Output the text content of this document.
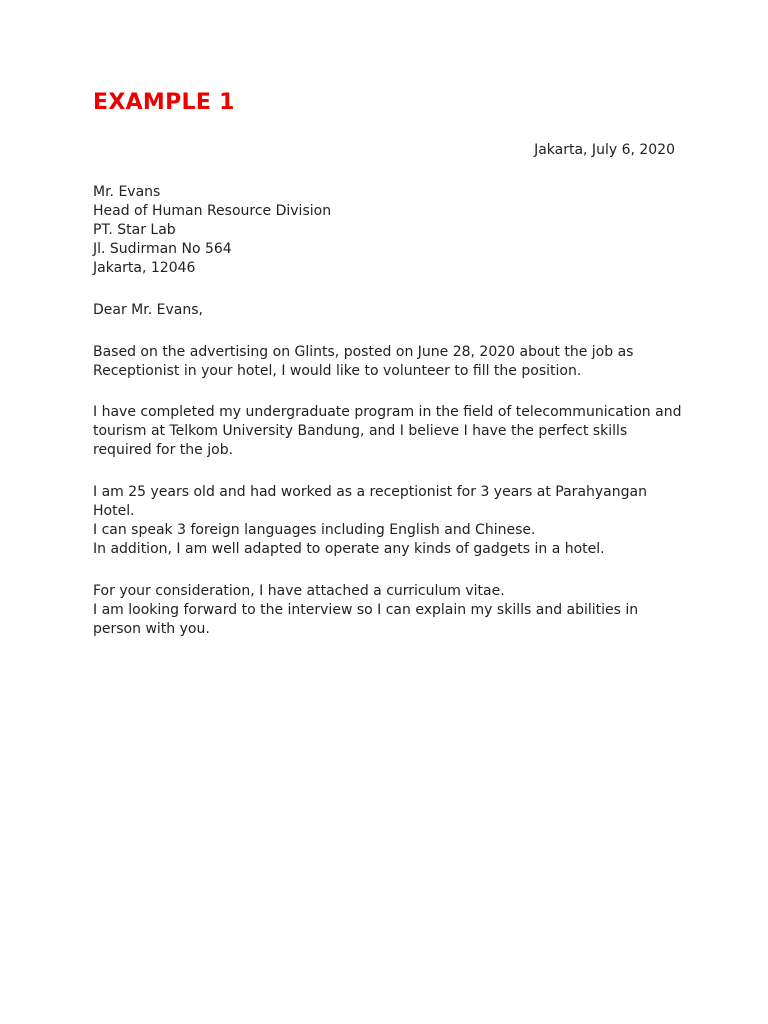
EXAMPLE 1
Jakarta, July 6, 2020
Mr. Evans
Head of Human Resource Division
PT. Star Lab
Jl. Sudirman No 564
Jakarta, 12046
Dear Mr. Evans,
Based on the advertising on Glints, posted on June 28, 2020 about the job as
Receptionist in your hotel, I would like to volunteer to fill the position.
I have completed my undergraduate program in the field of telecommunication and
tourism at Telkom University Bandung, and I believe I have the perfect skills
required for the job.
I am 25 years old and had worked as a receptionist for 3 years at Parahyangan
Hotel.
I can speak 3 foreign languages including English and Chinese.
In addition, I am well adapted to operate any kinds of gadgets in a hotel.
For your consideration, I have attached a curriculum vitae.
I am looking forward to the interview so I can explain my skills and abilities in
person with you.
